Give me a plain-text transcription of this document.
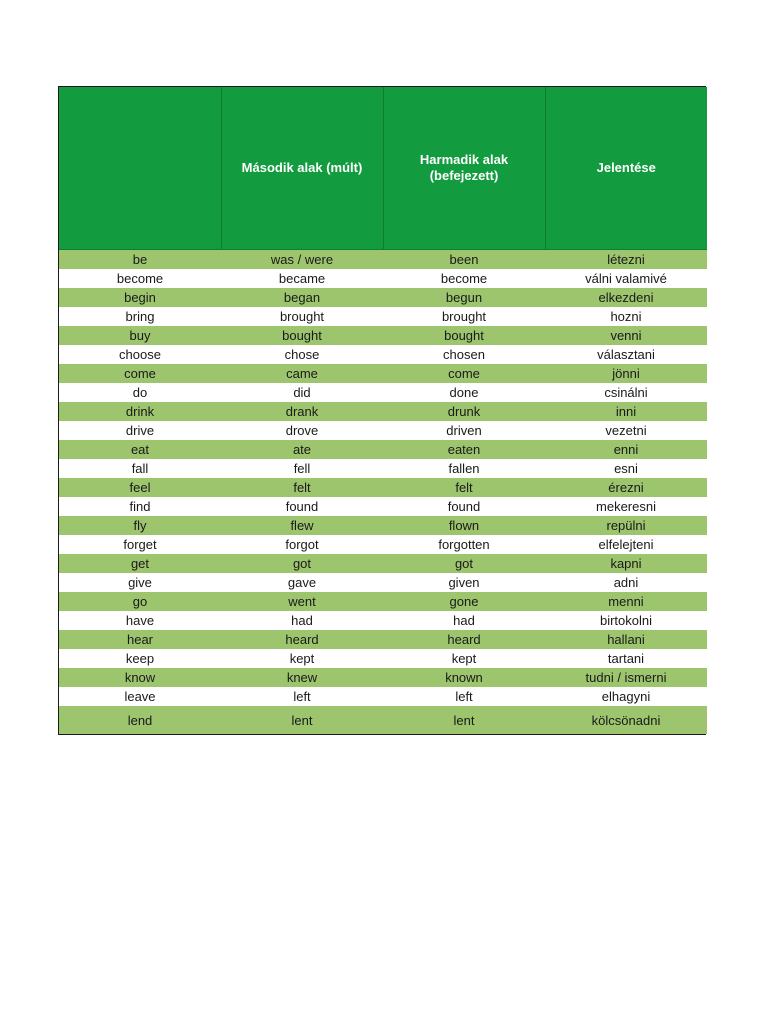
	Második alak (múlt)	Harmadik alak (befejezett)	Jelentése
be	was / were	been	létezni
become	became	become	válni valamivé
begin	began	begun	elkezdeni
bring	brought	brought	hozni
buy	bought	bought	venni
choose	chose	chosen	választani
come	came	come	jönni
do	did	done	csinálni
drink	drank	drunk	inni
drive	drove	driven	vezetni
eat	ate	eaten	enni
fall	fell	fallen	esni
feel	felt	felt	érezni
find	found	found	mekeresni
fly	flew	flown	repülni
forget	forgot	forgotten	elfelejteni
get	got	got	kapni
give	gave	given	adni
go	went	gone	menni
have	had	had	birtokolni
hear	heard	heard	hallani
keep	kept	kept	tartani
know	knew	known	tudni / ismerni
leave	left	left	elhagyni
lend	lent	lent	kölcsönadni
